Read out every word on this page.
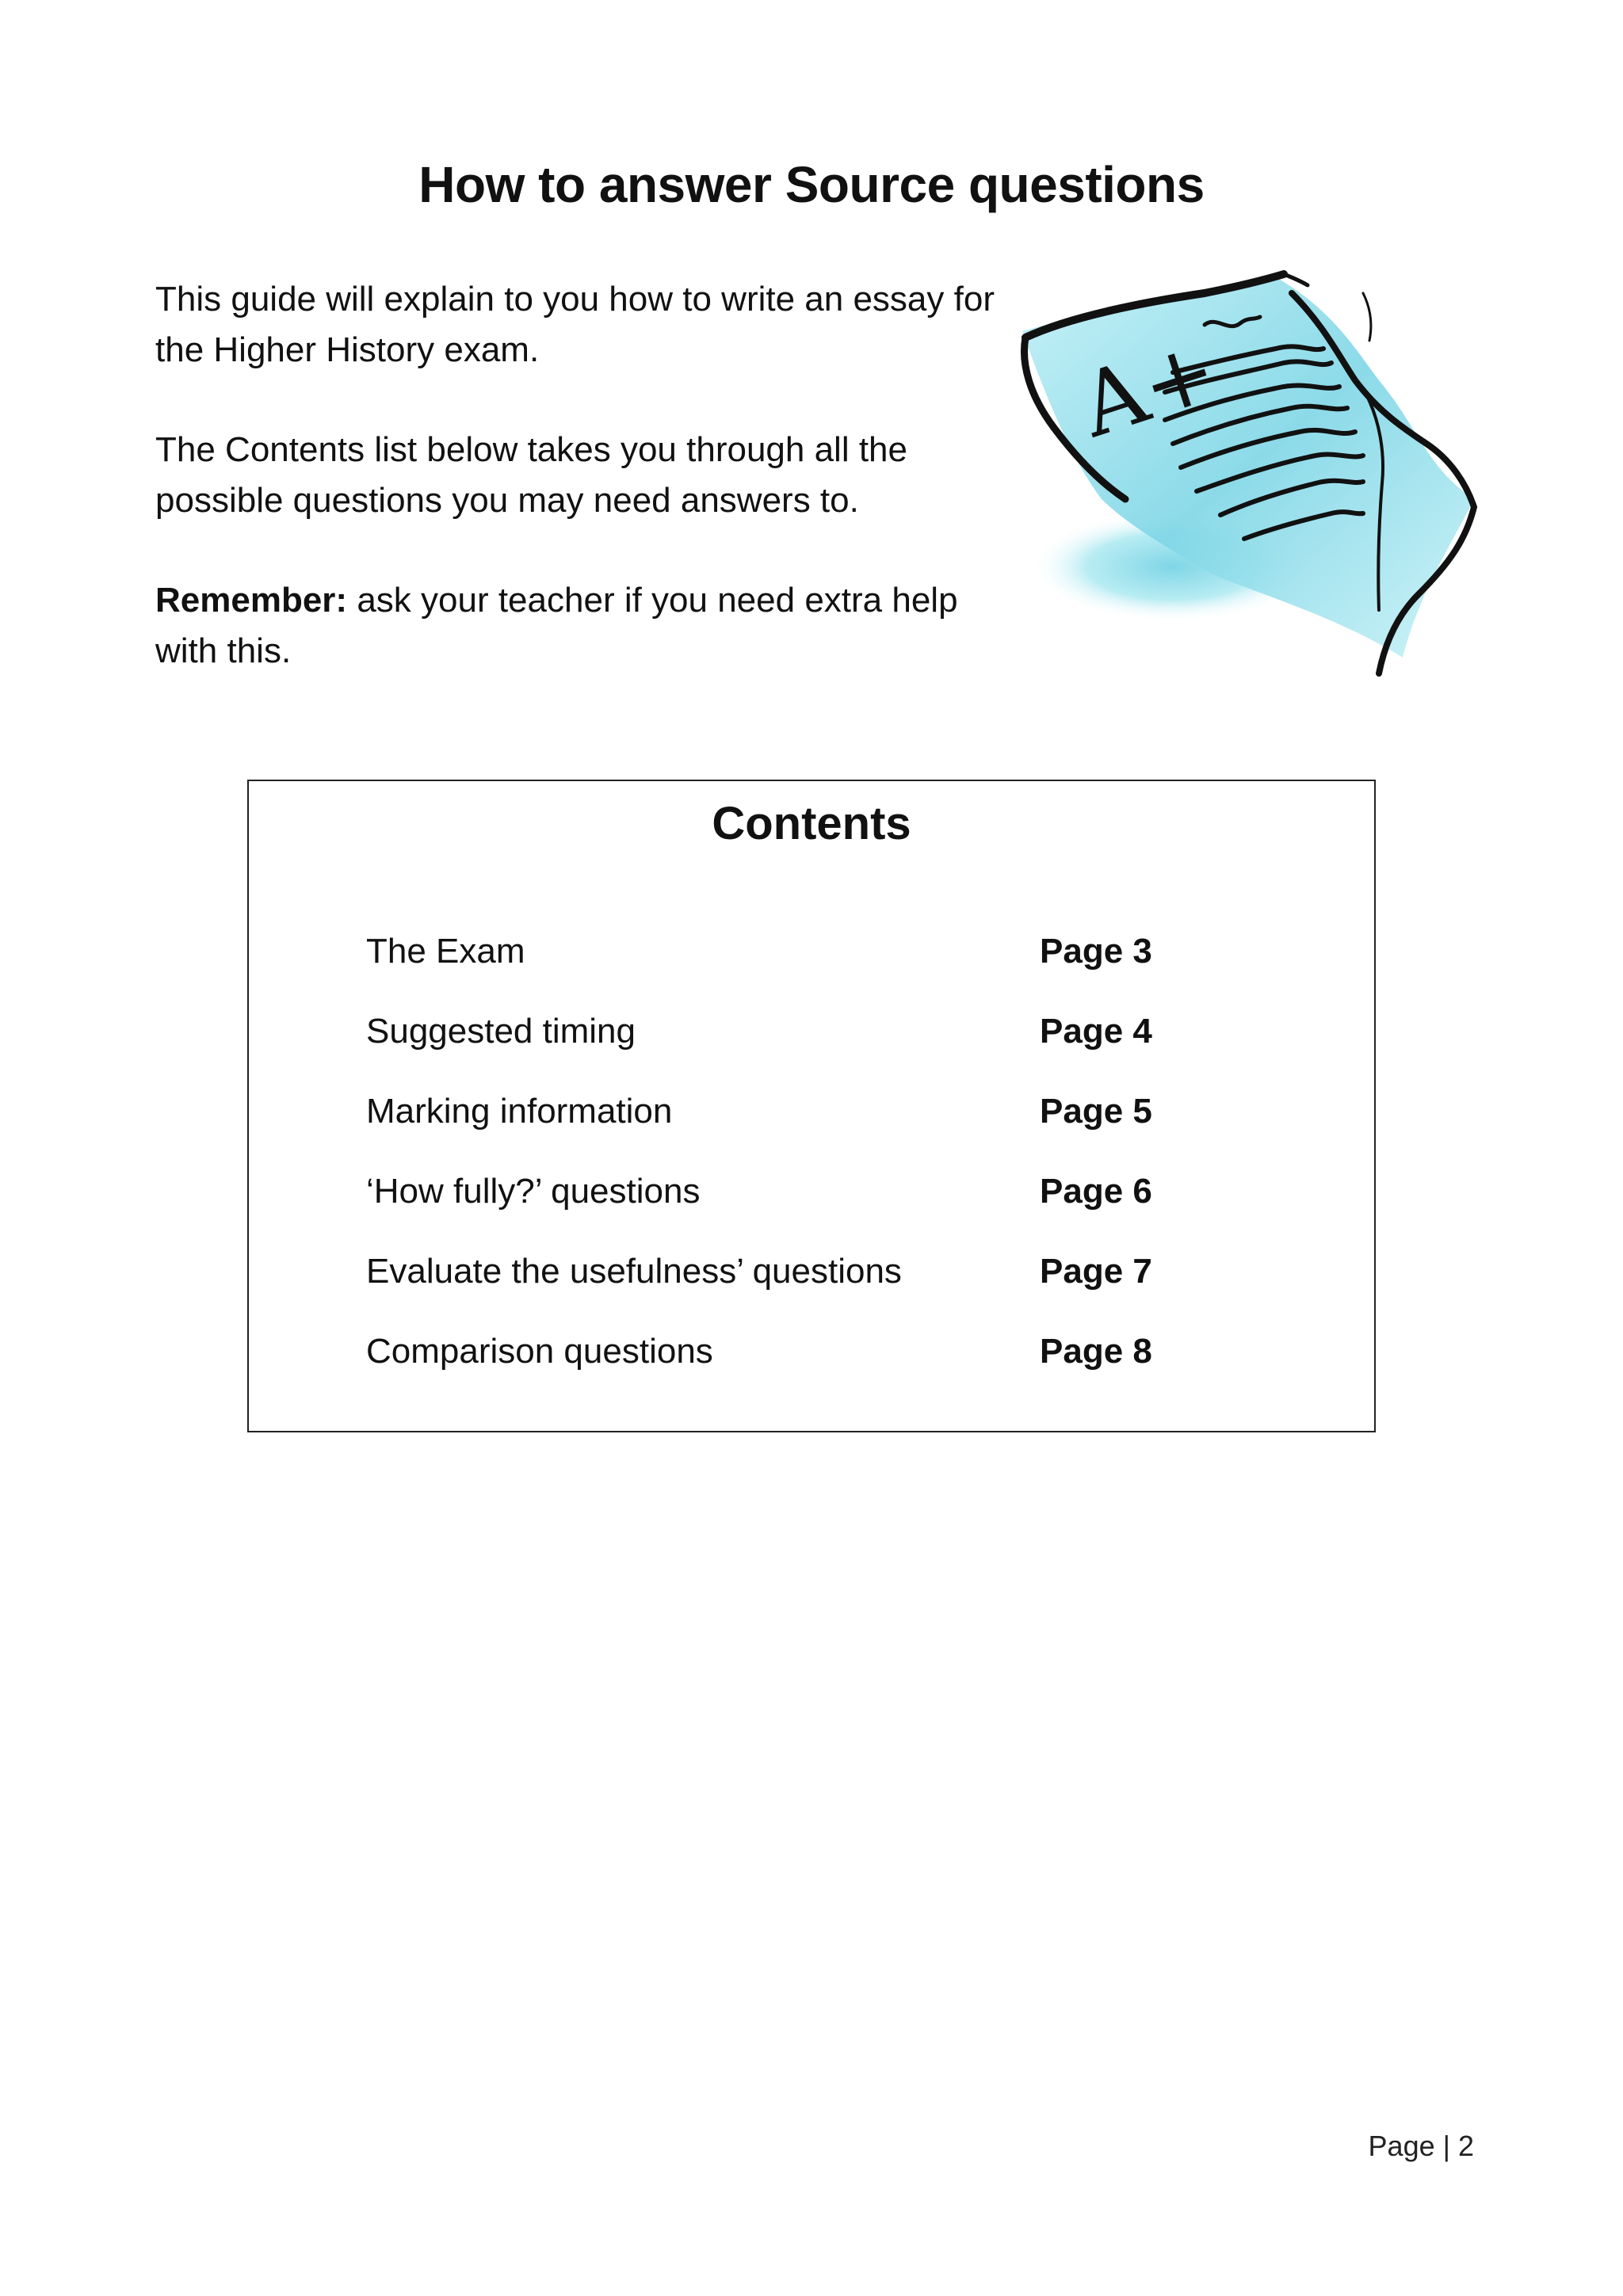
How to answer Source questions

This guide will explain to you how to write an essay for the Higher History exam.

The Contents list below takes you through all the possible questions you may need answers to.

Remember: ask your teacher if you need extra help with this.

A+
Contents
The Exam	Page 3
Suggested timing	Page 4
Marking information	Page 5
‘How fully?’ questions	Page 6
Evaluate the usefulness’ questions	Page 7
Comparison questions	Page 8
Page | 2
